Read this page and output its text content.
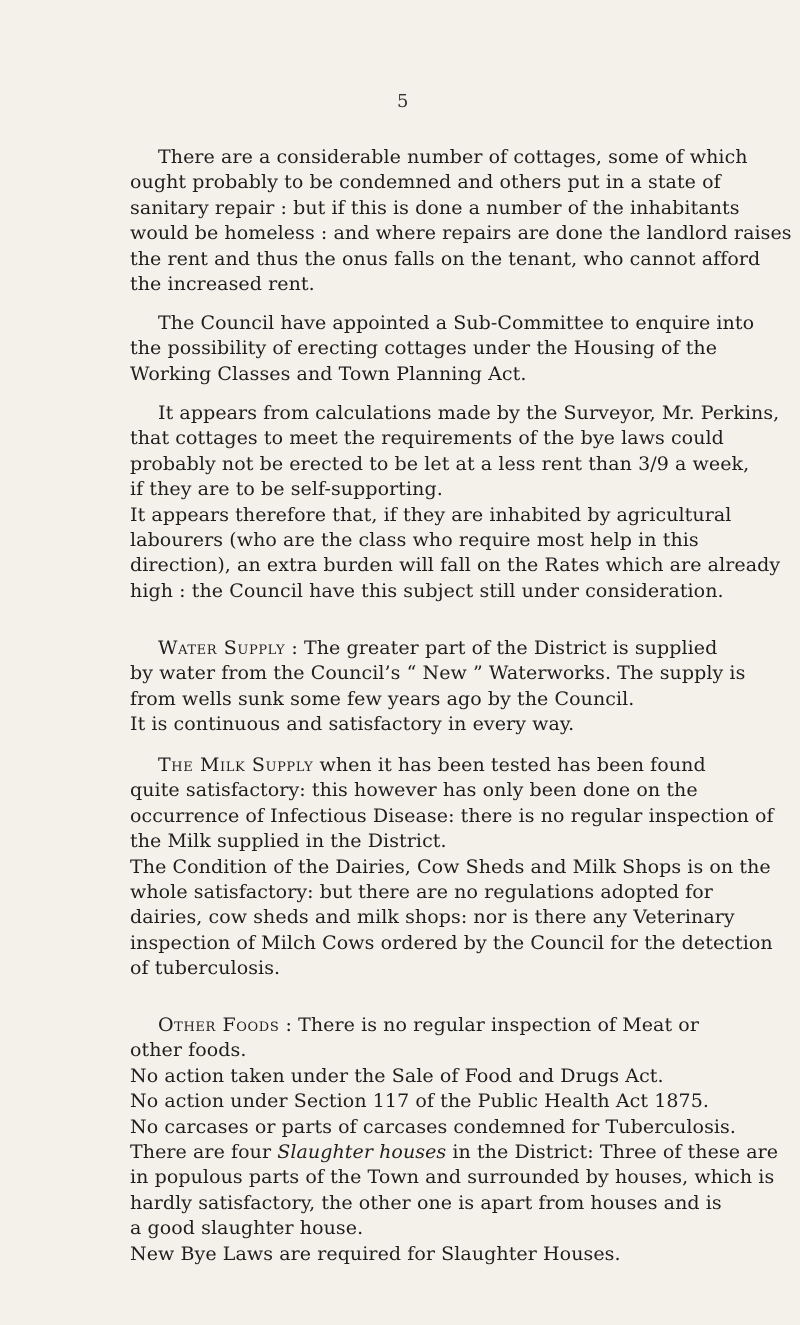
5
There are a considerable number of cottages, some of which
ought probably to be condemned and others put in a state of
sanitary repair : but if this is done a number of the inhabitants
would be homeless : and where repairs are done the landlord raises
the rent and thus the onus falls on the tenant, who cannot afford
the increased rent.
The Council have appointed a Sub-Committee to enquire into
the possibility of erecting cottages under the Housing of the
Working Classes and Town Planning Act.
It appears from calculations made by the Surveyor, Mr. Perkins,
that cottages to meet the requirements of the bye laws could
probably not be erected to be let at a less rent than 3/9 a week,
if they are to be self-supporting.
It appears therefore that, if they are inhabited by agricultural
labourers (who are the class who require most help in this
direction), an extra burden will fall on the Rates which are already
high : the Council have this subject still under consideration.
Water Supply : The greater part of the District is supplied
by water from the Council’s “ New ” Waterworks. The supply is
from wells sunk some few years ago by the Council.
It is continuous and satisfactory in every way.
The Milk Supply when it has been tested has been found
quite satisfactory: this however has only been done on the
occurrence of Infectious Disease: there is no regular inspection of
the Milk supplied in the District.
The Condition of the Dairies, Cow Sheds and Milk Shops is on the
whole satisfactory: but there are no regulations adopted for
dairies, cow sheds and milk shops: nor is there any Veterinary
inspection of Milch Cows ordered by the Council for the detection
of tuberculosis.
Other Foods : There is no regular inspection of Meat or
other foods.
No action taken under the Sale of Food and Drugs Act.
No action under Section 117 of the Public Health Act 1875.
No carcases or parts of carcases condemned for Tuberculosis.
There are four Slaughter houses in the District: Three of these are
in populous parts of the Town and surrounded by houses, which is
hardly satisfactory, the other one is apart from houses and is
a good slaughter house.
New Bye Laws are required for Slaughter Houses.
